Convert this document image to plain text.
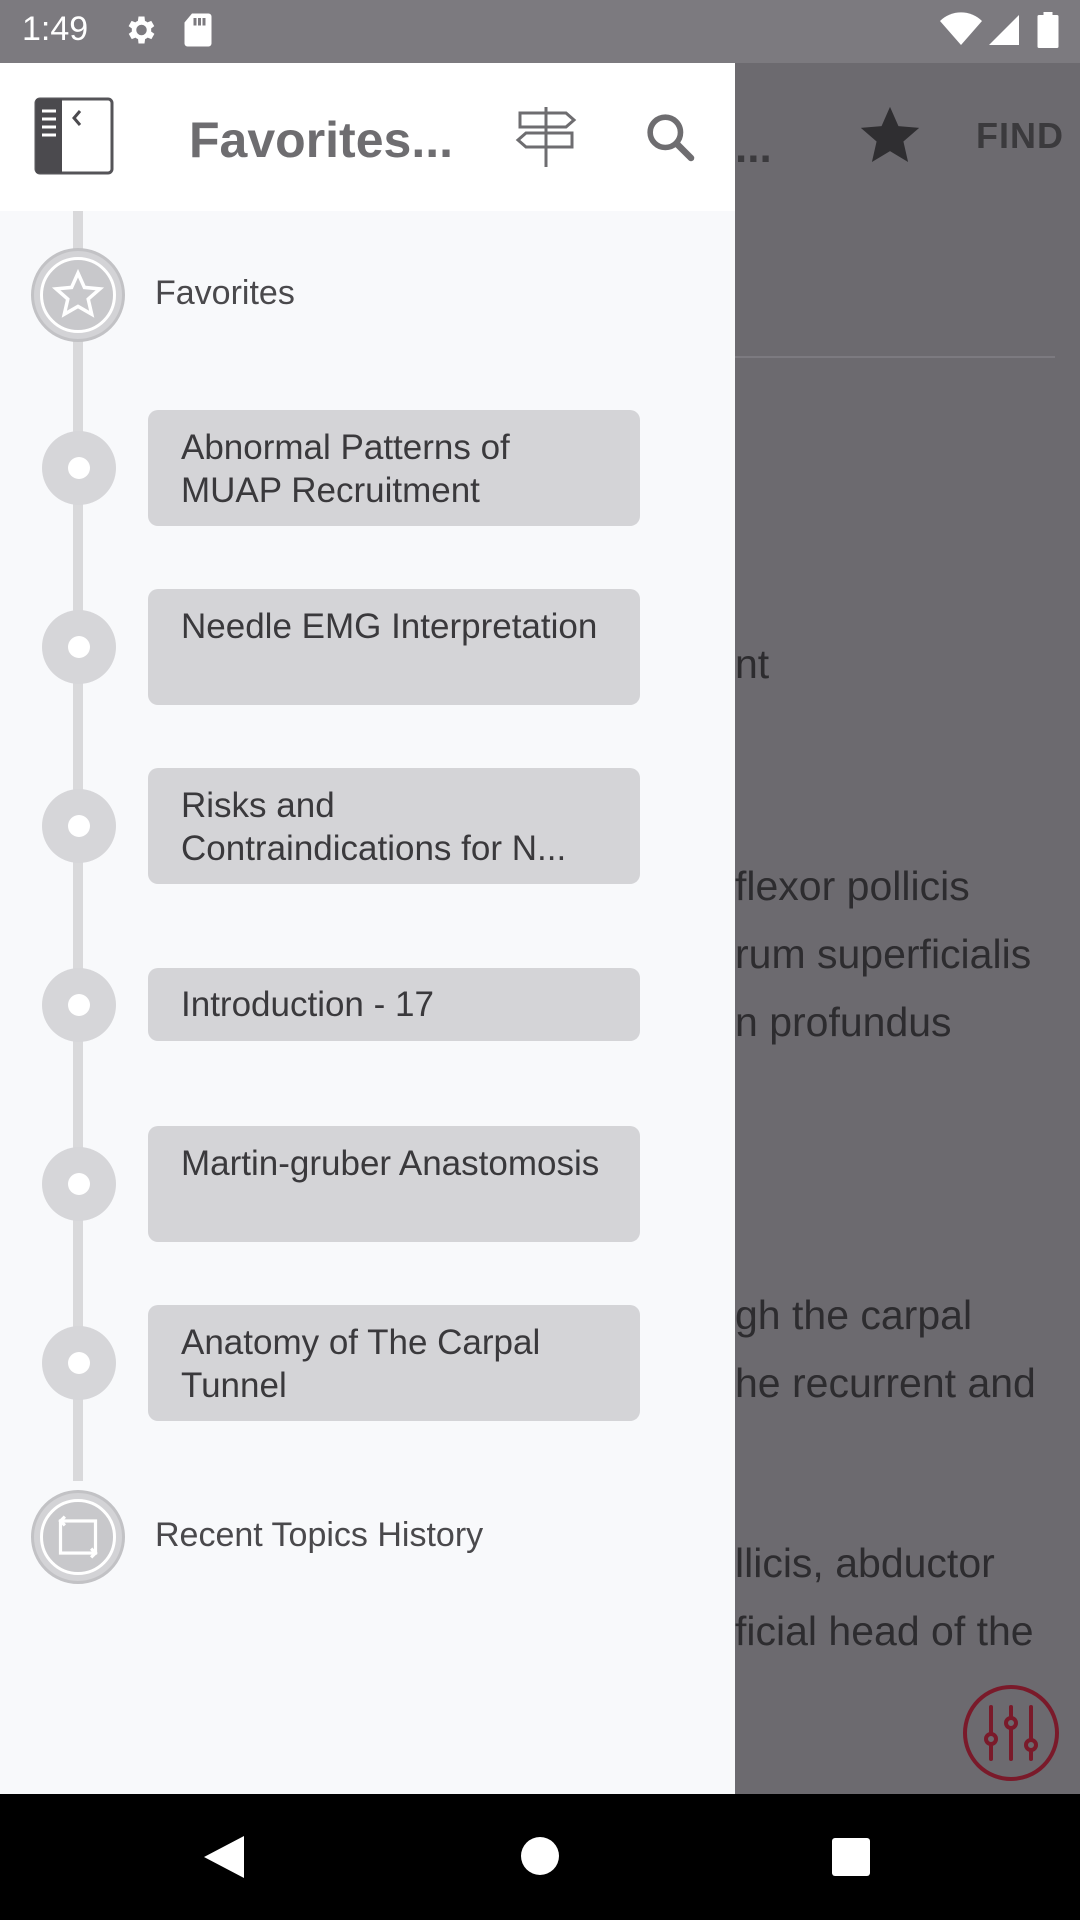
1:49
...	FIND
nt
flexor pollicis
rum superficialis
n profundus
gh the carpal
he recurrent and
llicis, abductor
ficial head of the
Favorites...
Favorites
Abnormal Patterns of MUAP Recruitment
Needle EMG Interpretation
Risks and Contraindications for N...
Introduction - 17
Martin-gruber Anastomosis
Anatomy of The Carpal Tunnel
Recent Topics History
